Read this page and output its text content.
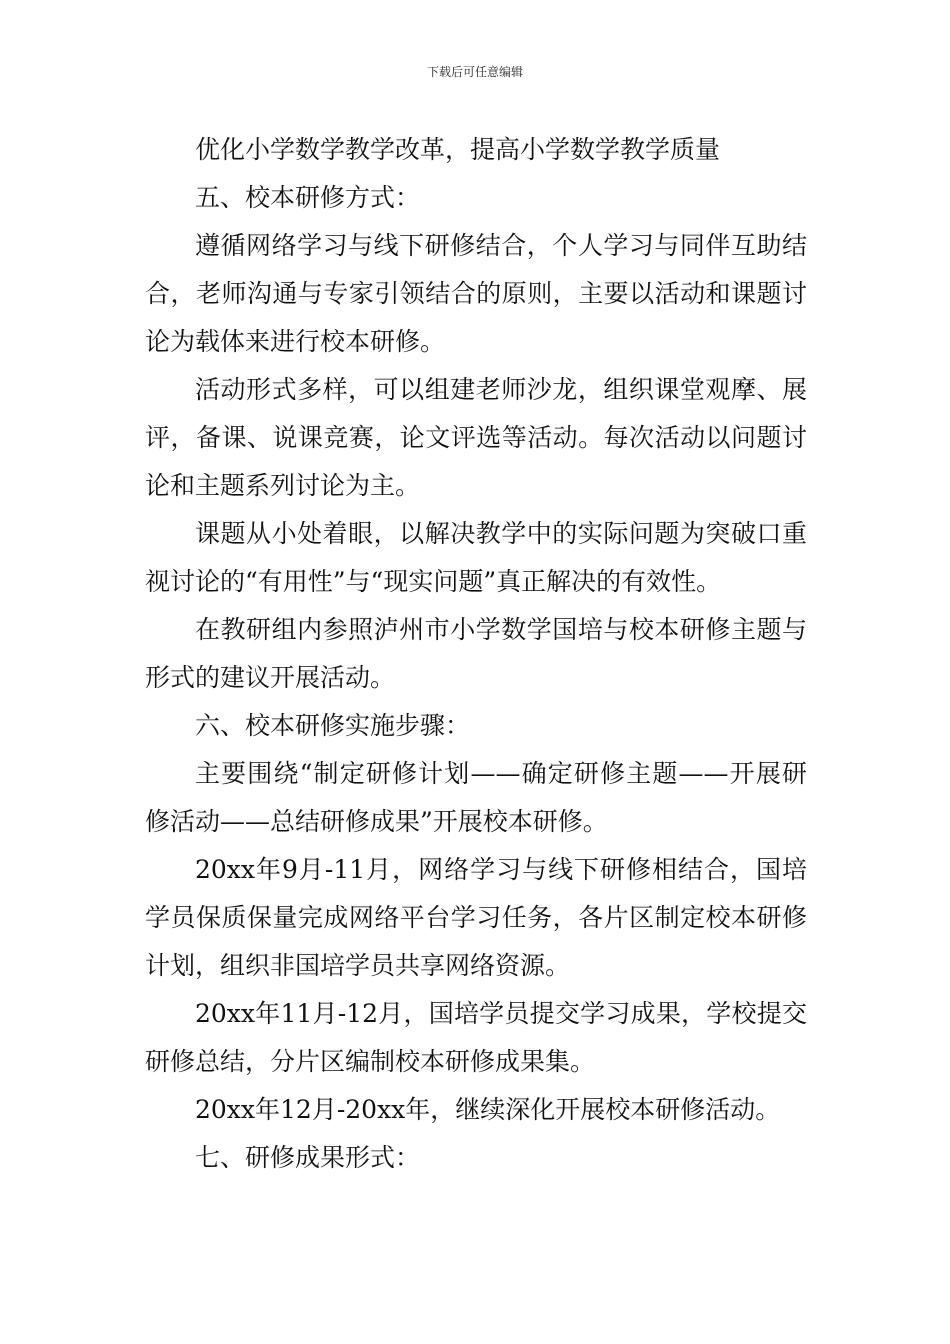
下载后可任意编辑

优化小学数学教学改革，提高小学数学教学质量

五、校本研修方式：

遵循网络学习与线下研修结合，个人学习与同伴互助结合，老师沟通与专家引领结合的原则，主要以活动和课题讨论为载体来进行校本研修。

活动形式多样，可以组建老师沙龙，组织课堂观摩、展评，备课、说课竞赛，论文评选等活动。每次活动以问题讨论和主题系列讨论为主。

课题从小处着眼，以解决教学中的实际问题为突破口重视讨论的“有用性”与“现实问题”真正解决的有效性。

在教研组内参照泸州市小学数学国培与校本研修主题与形式的建议开展活动。

六、校本研修实施步骤：

主要围绕“制定研修计划——确定研修主题——开展研修活动——总结研修成果”开展校本研修。

20xx年9月-11月，网络学习与线下研修相结合，国培学员保质保量完成网络平台学习任务，各片区制定校本研修计划，组织非国培学员共享网络资源。

20xx年11月-12月，国培学员提交学习成果，学校提交研修总结，分片区编制校本研修成果集。

20xx年12月-20xx年，继续深化开展校本研修活动。

七、研修成果形式：
